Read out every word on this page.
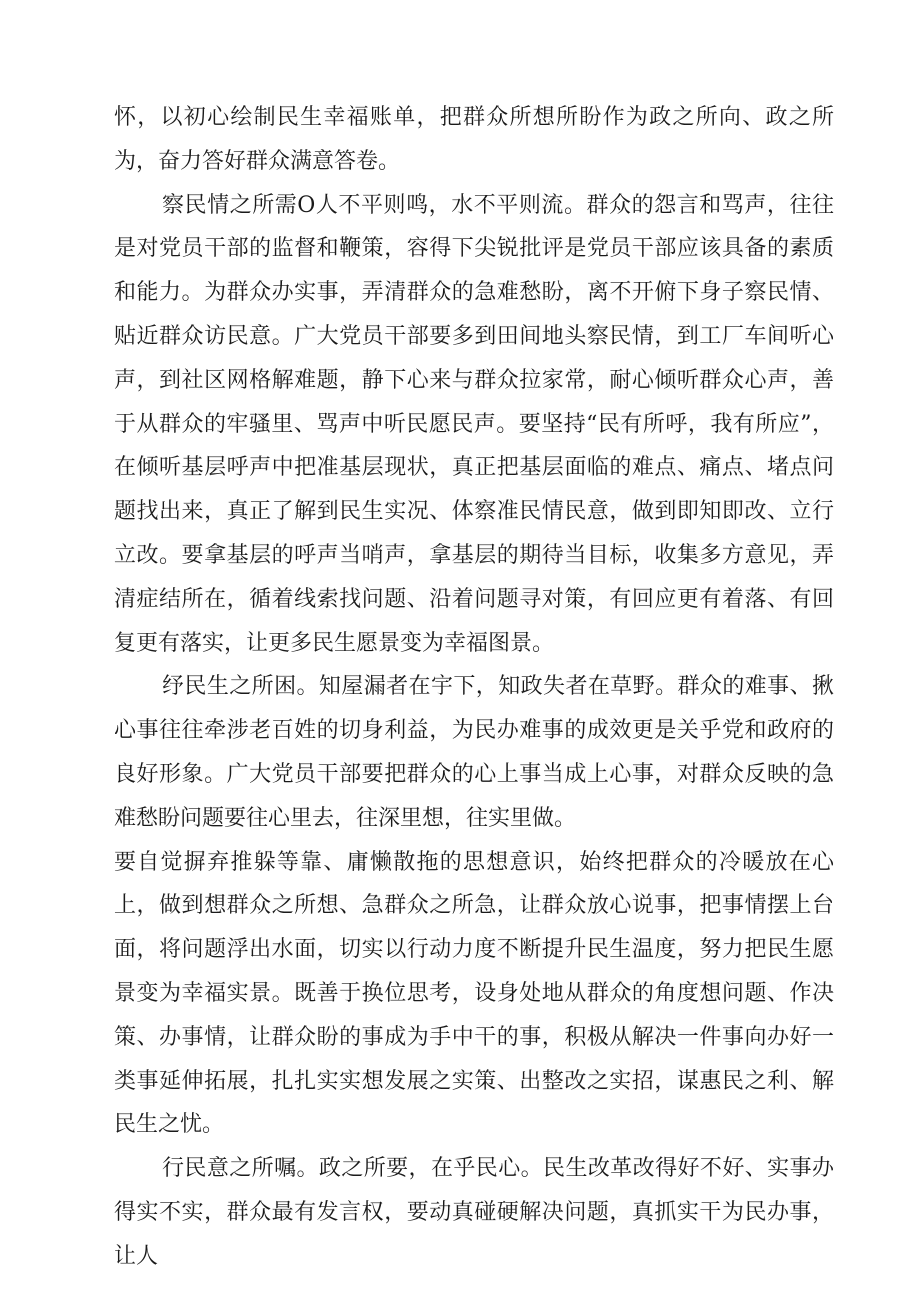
怀，以初心绘制民生幸福账单，把群众所想所盼作为政之所向、政之所为，奋力答好群众满意答卷。

察民情之所需O人不平则鸣，水不平则流。群众的怨言和骂声，往往是对党员干部的监督和鞭策，容得下尖锐批评是党员干部应该具备的素质和能力。为群众办实事，弄清群众的急难愁盼，离不开俯下身子察民情、贴近群众访民意。广大党员干部要多到田间地头察民情，到工厂车间听心声，到社区网格解难题，静下心来与群众拉家常，耐心倾听群众心声，善于从群众的牢骚里、骂声中听民愿民声。要坚持“民有所呼，我有所应”，在倾听基层呼声中把准基层现状，真正把基层面临的难点、痛点、堵点问题找出来，真正了解到民生实况、体察准民情民意，做到即知即改、立行立改。要拿基层的呼声当哨声，拿基层的期待当目标，收集多方意见，弄清症结所在，循着线索找问题、沿着问题寻对策，有回应更有着落、有回复更有落实，让更多民生愿景变为幸福图景。

纾民生之所困。知屋漏者在宇下，知政失者在草野。群众的难事、揪心事往往牵涉老百姓的切身利益，为民办难事的成效更是关乎党和政府的良好形象。广大党员干部要把群众的心上事当成上心事，对群众反映的急难愁盼问题要往心里去，往深里想，往实里做。

要自觉摒弃推躲等靠、庸懒散拖的思想意识，始终把群众的冷暖放在心上，做到想群众之所想、急群众之所急，让群众放心说事，把事情摆上台面，将问题浮出水面，切实以行动力度不断提升民生温度，努力把民生愿景变为幸福实景。既善于换位思考，设身处地从群众的角度想问题、作决策、办事情，让群众盼的事成为手中干的事，积极从解决一件事向办好一类事延伸拓展，扎扎实实想发展之实策、出整改之实招，谋惠民之利、解民生之忧。

行民意之所嘱。政之所要，在乎民心。民生改革改得好不好、实事办得实不实，群众最有发言权，要动真碰硬解决问题，真抓实干为民办事，让人
